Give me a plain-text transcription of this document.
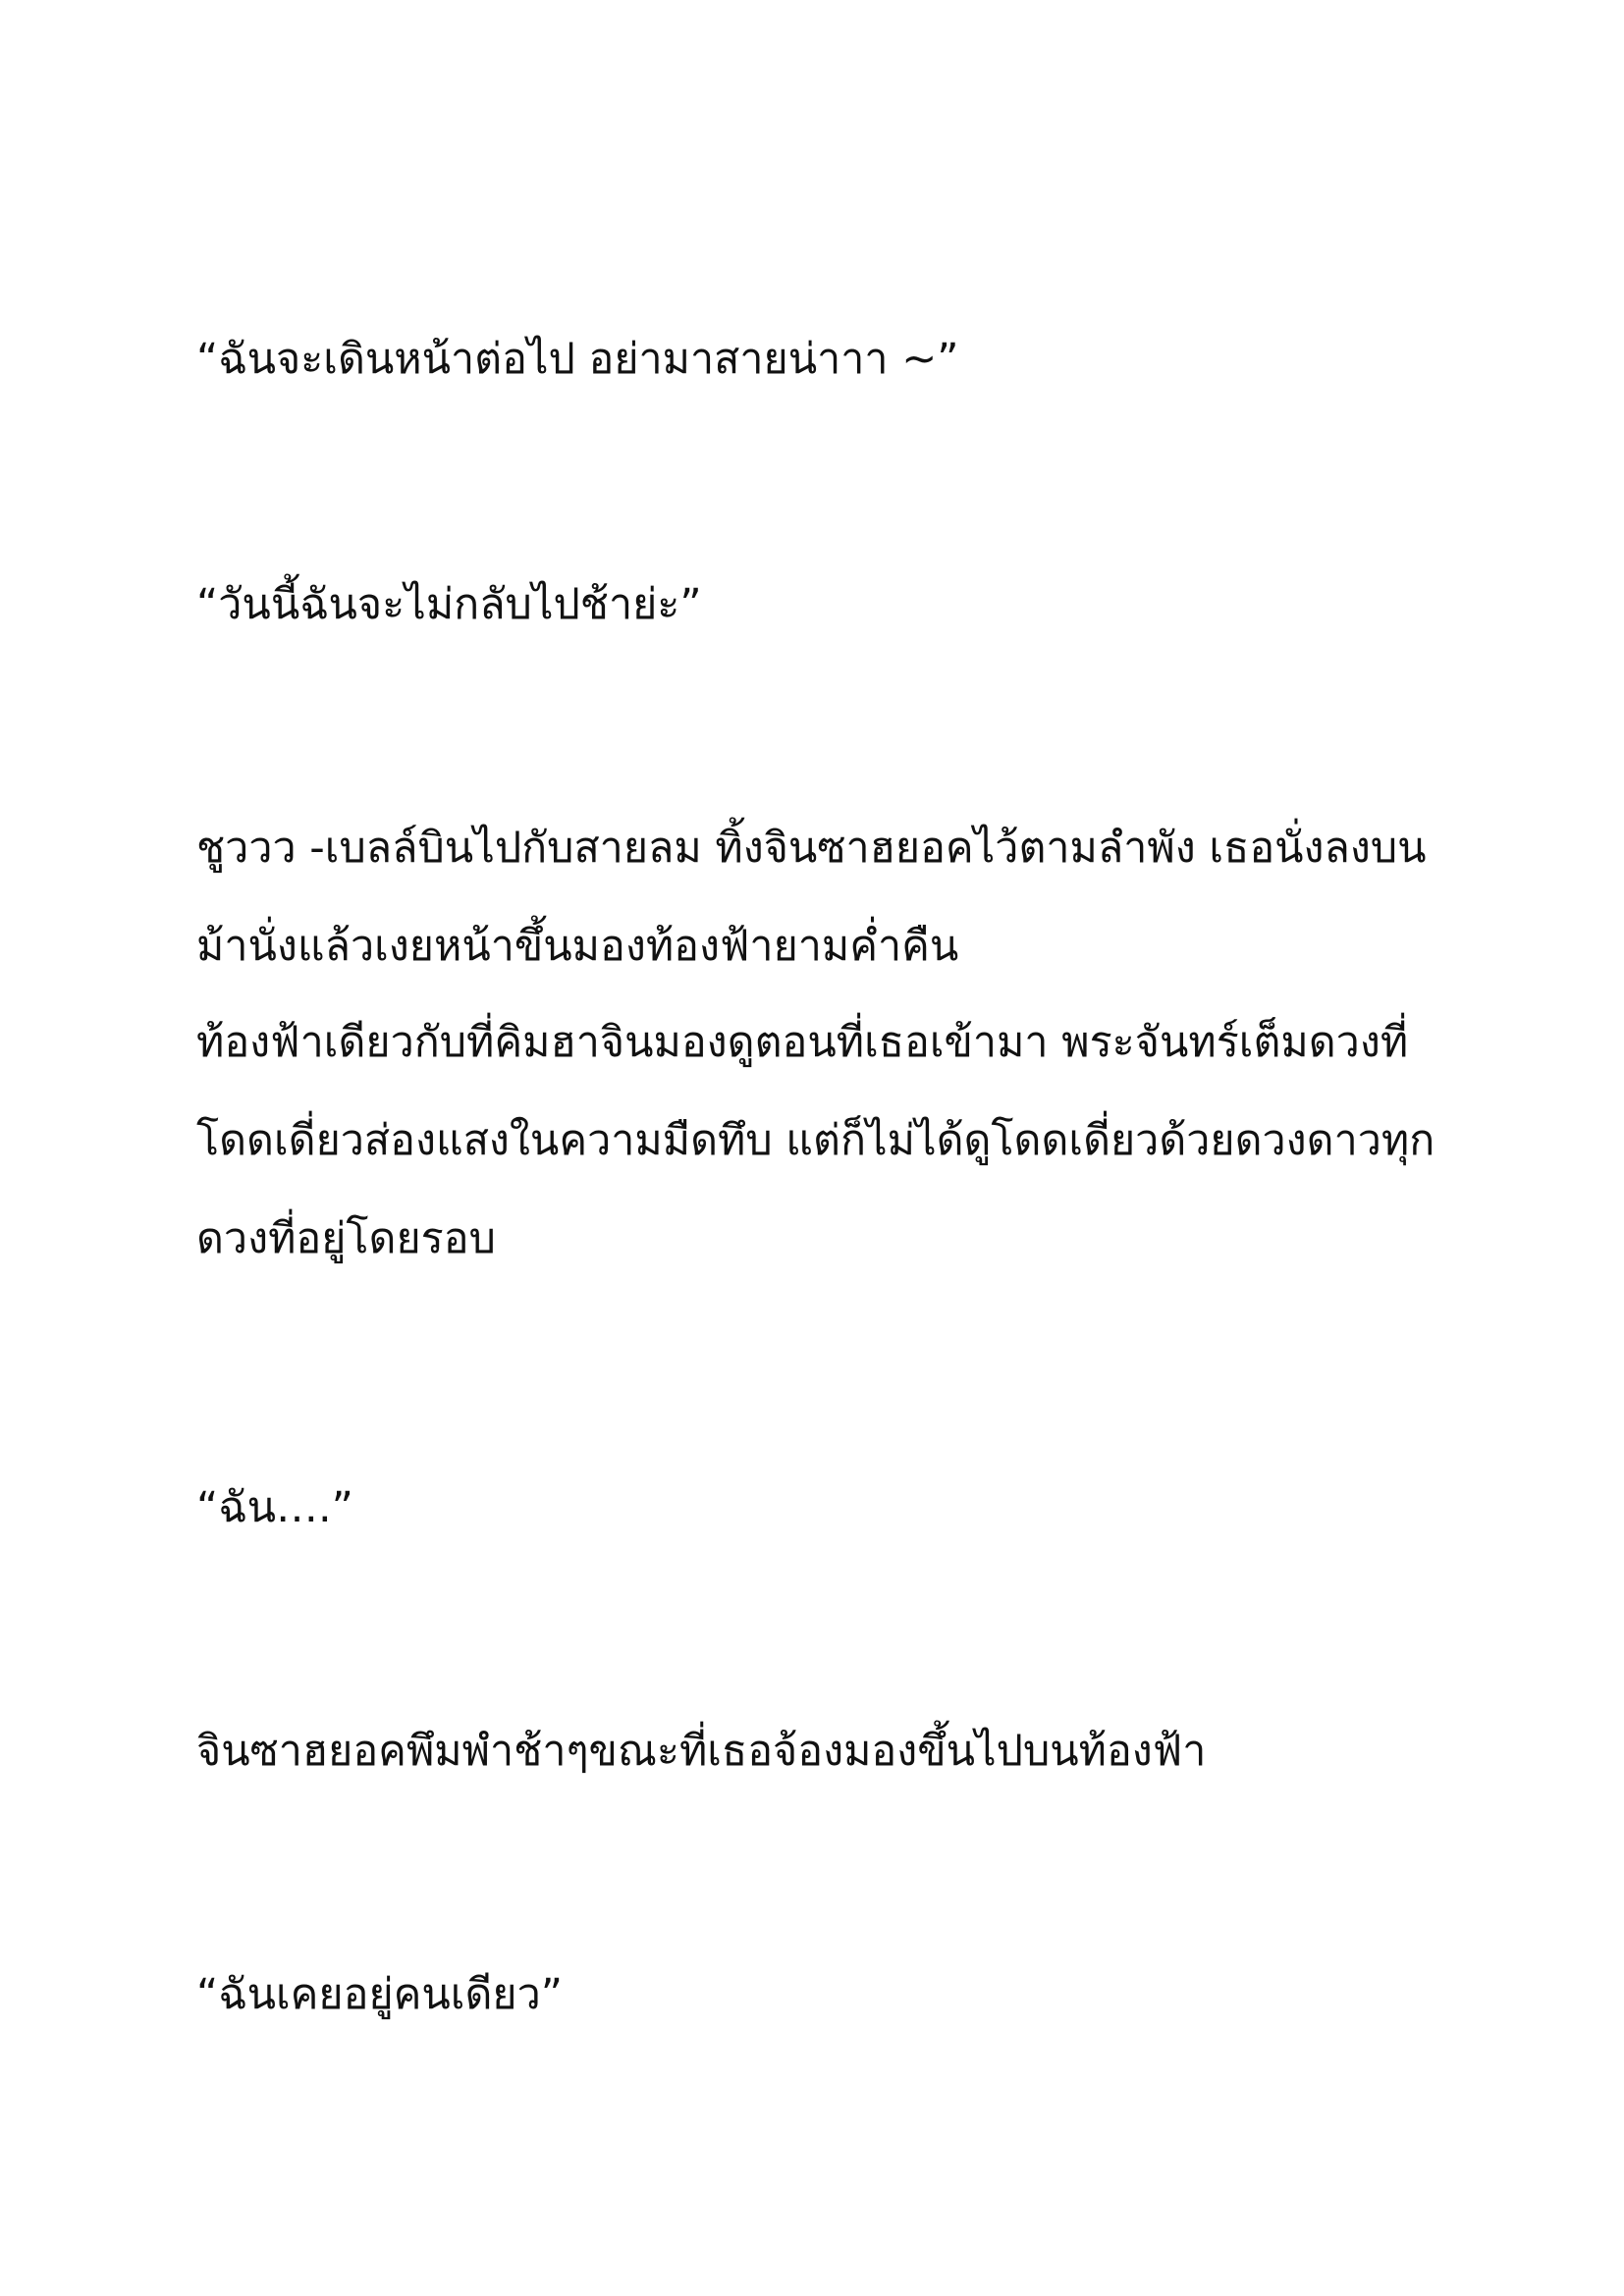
“ฉันจะเดินหน้าต่อไป อย่ามาสายน่าาา ~”

“วันนี้ฉันจะไม่กลับไปช้าย่ะ”

ชูววว -เบลล์บินไปกับสายลม ทิ้งจินซาฮยอคไว้ตามลำพัง เธอนั่งลงบน
ม้านั่งแล้วเงยหน้าขึ้นมองท้องฟ้ายามค่ำคืน

ท้องฟ้าเดียวกับที่คิมฮาจินมองดูตอนที่เธอเข้ามา พระจันทร์เต็มดวงที่
โดดเดี่ยวส่องแสงในความมืดทึบ แต่ก็ไม่ได้ดูโดดเดี่ยวด้วยดวงดาวทุก
ดวงที่อยู่โดยรอบ

“ฉัน….”

จินซาฮยอคพึมพำช้าๆขณะที่เธอจ้องมองขึ้นไปบนท้องฟ้า

“ฉันเคยอยู่คนเดียว”
